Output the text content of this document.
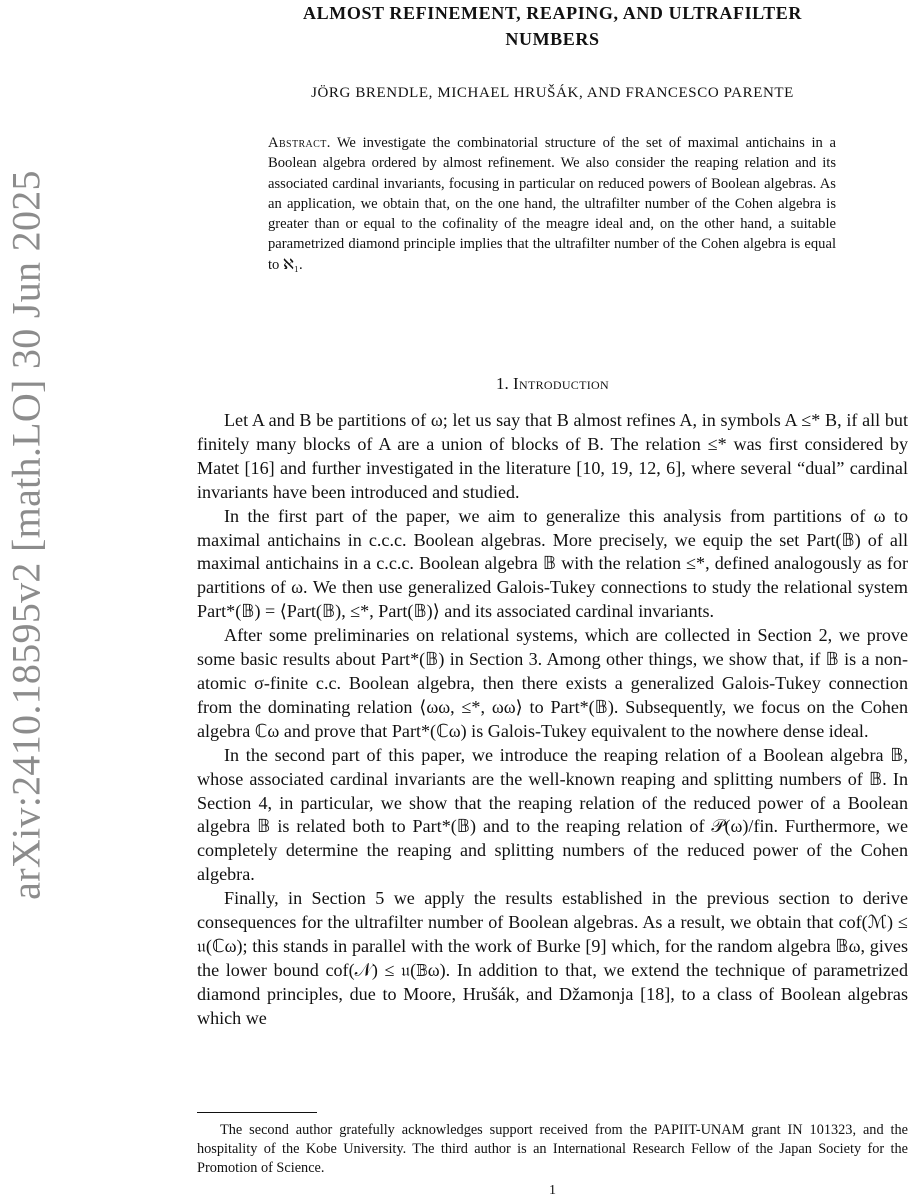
arXiv:2410.18595v2 [math.LO] 30 Jun 2025
ALMOST REFINEMENT, REAPING, AND ULTRAFILTER
NUMBERS
JÖRG BRENDLE, MICHAEL HRUŠÁK, AND FRANCESCO PARENTE
Abstract. We investigate the combinatorial structure of the set of maximal antichains in a Boolean algebra ordered by almost refinement. We also consider the reaping relation and its associated cardinal invariants, focusing in particular on reduced powers of Boolean algebras. As an application, we obtain that, on the one hand, the ultrafilter number of the Cohen algebra is greater than or equal to the cofinality of the meagre ideal and, on the other hand, a suitable parametrized diamond principle implies that the ultrafilter number of the Cohen algebra is equal to ℵ₁.
1. Introduction

Let A and B be partitions of ω; let us say that B almost refines A, in symbols A ≤* B, if all but finitely many blocks of A are a union of blocks of B. The relation ≤* was first considered by Matet [16] and further investigated in the literature [10, 19, 12, 6], where several “dual” cardinal invariants have been introduced and studied.

In the first part of the paper, we aim to generalize this analysis from partitions of ω to maximal antichains in c.c.c. Boolean algebras. More precisely, we equip the set Part(𝔹) of all maximal antichains in a c.c.c. Boolean algebra 𝔹 with the relation ≤*, defined analogously as for partitions of ω. We then use generalized Galois-Tukey connections to study the relational system Part*(𝔹) = ⟨Part(𝔹), ≤*, Part(𝔹)⟩ and its associated cardinal invariants.

After some preliminaries on relational systems, which are collected in Section 2, we prove some basic results about Part*(𝔹) in Section 3. Among other things, we show that, if 𝔹 is a non-atomic σ-finite c.c. Boolean algebra, then there exists a generalized Galois-Tukey connection from the dominating relation ⟨ωω, ≤*, ωω⟩ to Part*(𝔹). Subsequently, we focus on the Cohen algebra ℂω and prove that Part*(ℂω) is Galois-Tukey equivalent to the nowhere dense ideal.

In the second part of this paper, we introduce the reaping relation of a Boolean algebra 𝔹, whose associated cardinal invariants are the well-known reaping and splitting numbers of 𝔹. In Section 4, in particular, we show that the reaping relation of the reduced power of a Boolean algebra 𝔹 is related both to Part*(𝔹) and to the reaping relation of 𝒫(ω)/fin. Furthermore, we completely determine the reaping and splitting numbers of the reduced power of the Cohen algebra.

Finally, in Section 5 we apply the results established in the previous section to derive consequences for the ultrafilter number of Boolean algebras. As a result, we obtain that cof(ℳ) ≤ 𝔲(ℂω); this stands in parallel with the work of Burke [9] which, for the random algebra 𝔹ω, gives the lower bound cof(𝒩) ≤ 𝔲(𝔹ω). In addition to that, we extend the technique of parametrized diamond principles, due to Moore, Hrušák, and Džamonja [18], to a class of Boolean algebras which we

The second author gratefully acknowledges support received from the PAPIIT-UNAM grant IN 101323, and the hospitality of the Kobe University. The third author is an International Research Fellow of the Japan Society for the Promotion of Science.
1
